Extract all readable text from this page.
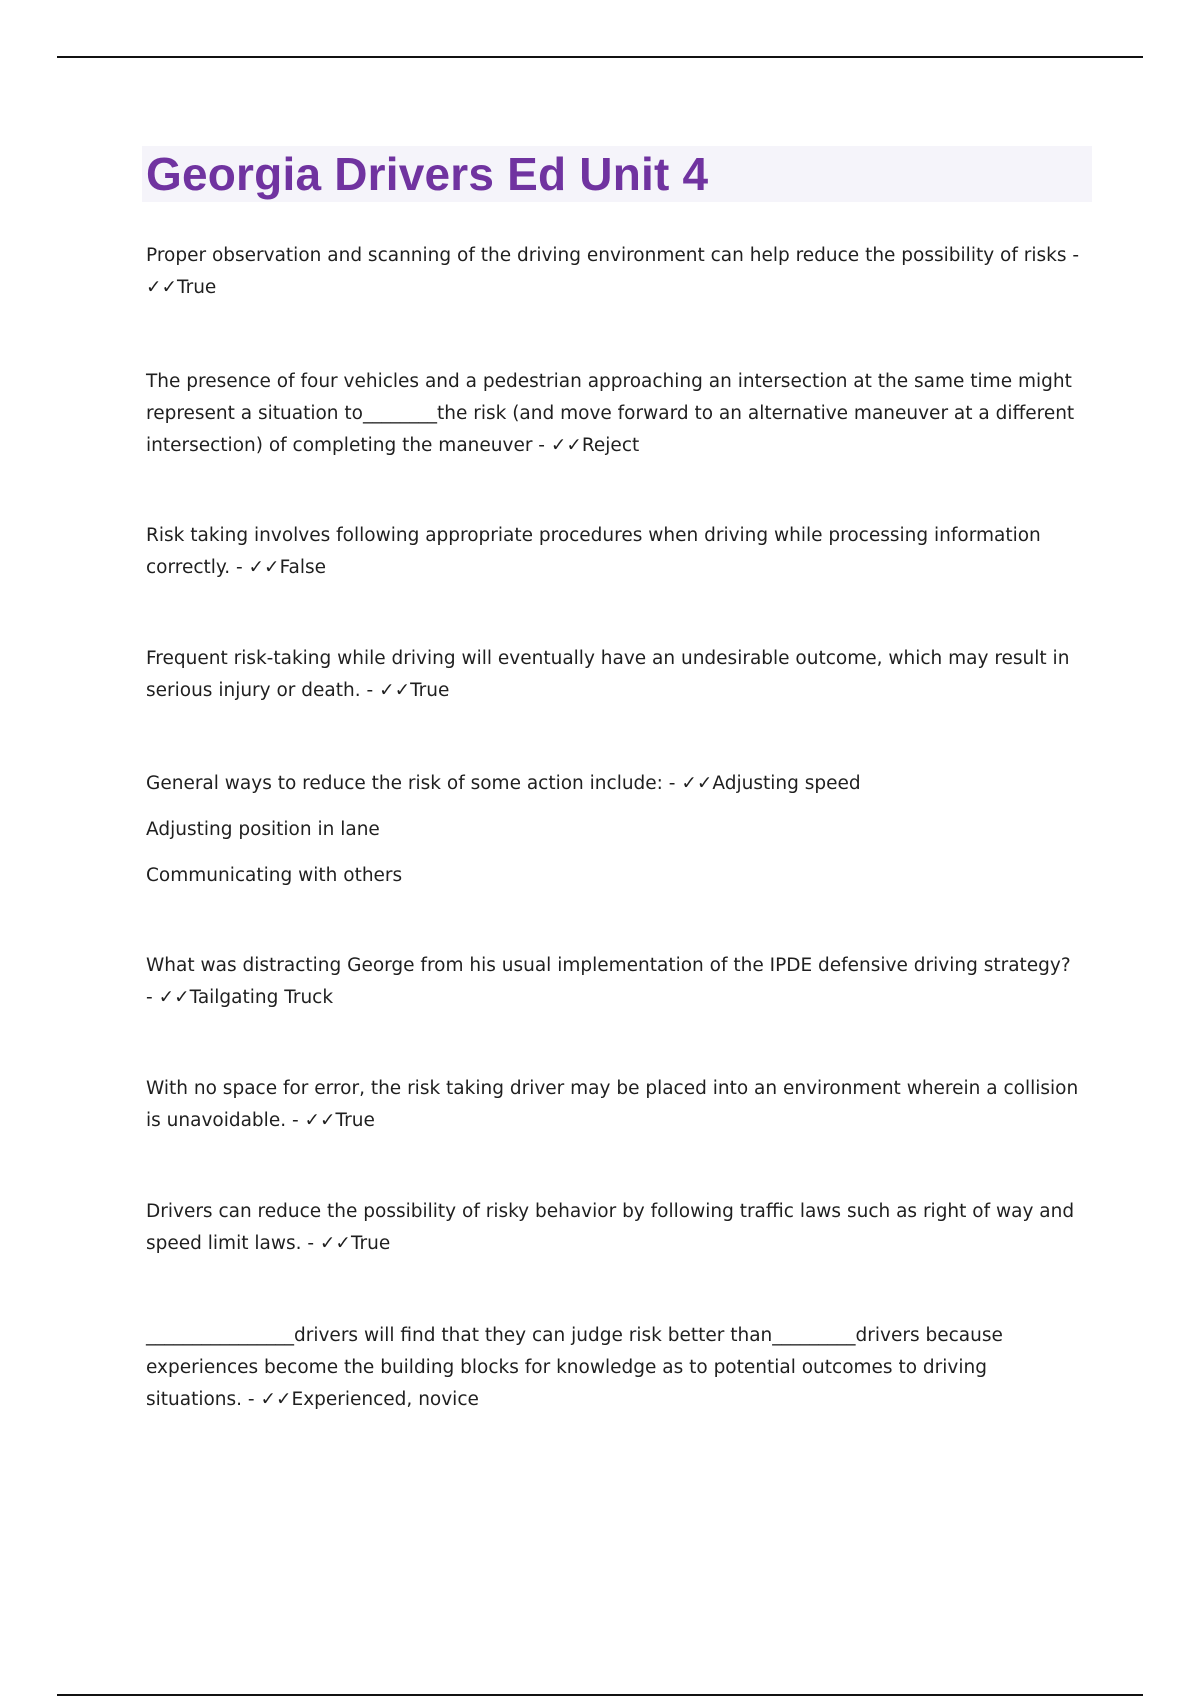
Georgia Drivers Ed Unit 4

Proper observation and scanning of the driving environment can help reduce the possibility of risks - ✓✓True

The presence of four vehicles and a pedestrian approaching an intersection at the same time might represent a situation to________the risk (and move forward to an alternative maneuver at a different intersection) of completing the maneuver - ✓✓Reject

Risk taking involves following appropriate procedures when driving while processing information correctly. - ✓✓False

Frequent risk-taking while driving will eventually have an undesirable outcome, which may result in serious injury or death. - ✓✓True

General ways to reduce the risk of some action include: - ✓✓Adjusting speed
Adjusting position in lane
Communicating with others

What was distracting George from his usual implementation of the IPDE defensive driving strategy? - ✓✓Tailgating Truck

With no space for error, the risk taking driver may be placed into an environment wherein a collision is unavoidable. - ✓✓True

Drivers can reduce the possibility of risky behavior by following traffic laws such as right of way and speed limit laws. - ✓✓True

________________drivers will find that they can judge risk better than_________drivers because experiences become the building blocks for knowledge as to potential outcomes to driving situations. - ✓✓Experienced, novice
